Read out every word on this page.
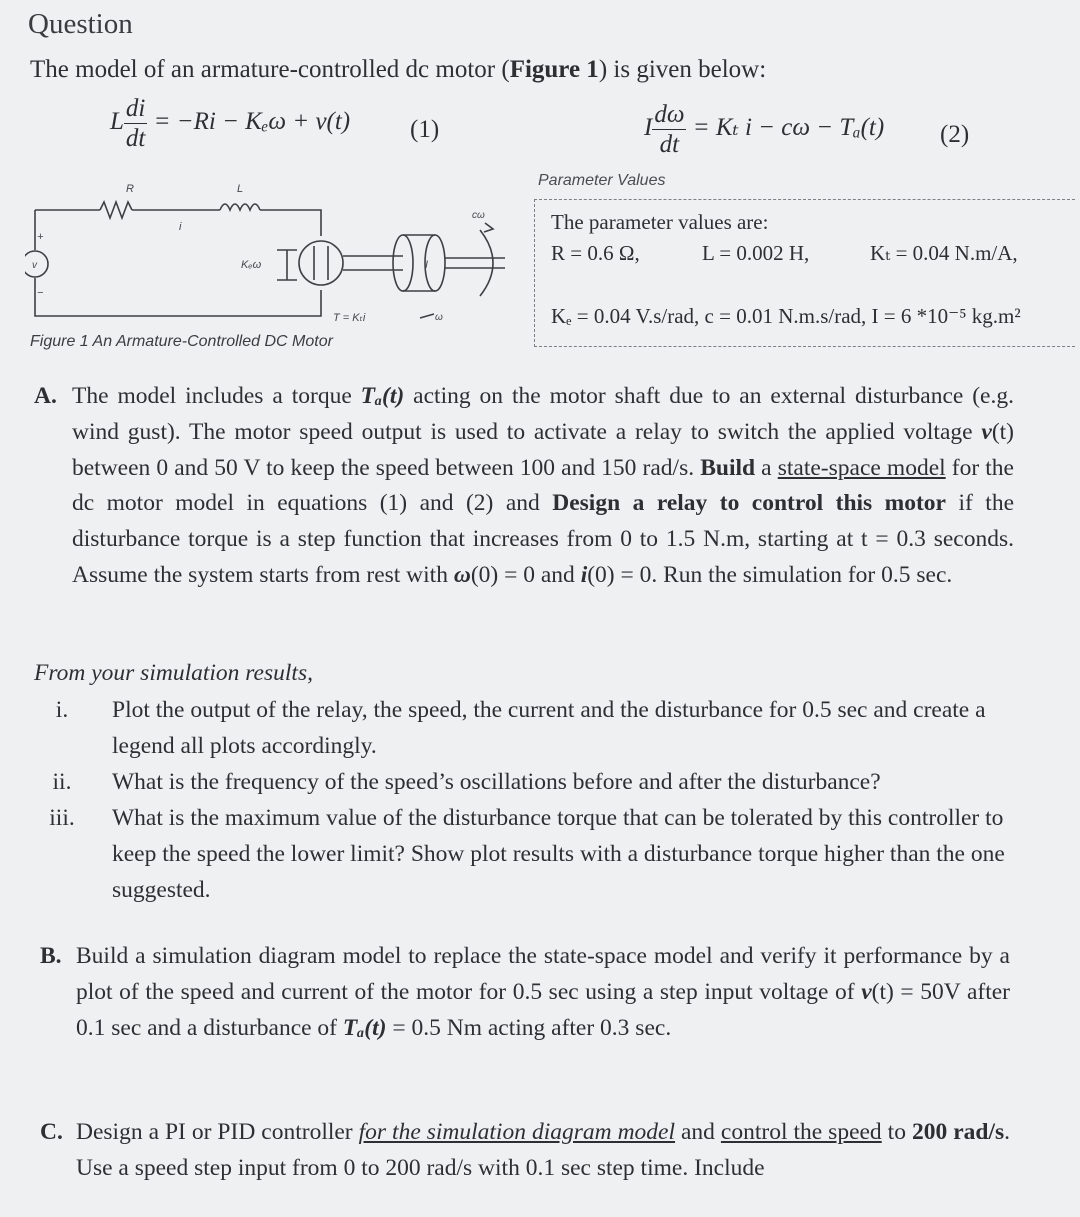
Question
The model of an armature-controlled dc motor (Figure 1) is given below:
L $\frac{di}{dt} = -Ri - K_e\omega + v(t)$ (1)	I $\frac{d\omega}{dt} = K_t$ i − cω − Tₐ(t) (2)
R	L
i
v
+
−
Kₑω	I
cω
T = Kₜi	ω
Figure 1 An Armature-Controlled DC Motor
Parameter Values
The parameter values are:
R = 0.6 Ω,	L = 0.002 H,	Kₜ = 0.04 N.m/A,
Kₑ = 0.04 V.s/rad, c = 0.01 N.m.s/rad, I = 6 *10⁻⁵ kg.m²
A. The model includes a torque Tₐ(t) acting on the motor shaft due to an external disturbance (e.g. wind gust). The motor speed output is used to activate a relay to switch the applied voltage v(t) between 0 and 50 V to keep the speed between 100 and 150 rad/s. Build a state-space model for the dc motor model in equations (1) and (2) and Design a relay to control this motor if the disturbance torque is a step function that increases from 0 to 1.5 N.m, starting at t = 0.3 seconds. Assume the system starts from rest with ω(0) = 0 and i(0) = 0. Run the simulation for 0.5 sec.

From your simulation results,
i.	Plot the output of the relay, the speed, the current and the disturbance for 0.5 sec and create a legend all plots accordingly.

ii.	What is the frequency of the speed’s oscillations before and after the disturbance?

iii.	What is the maximum value of the disturbance torque that can be tolerated by this controller to keep the speed the lower limit? Show plot results with a disturbance torque higher than the one suggested.

B. Build a simulation diagram model to replace the state-space model and verify it performance by a plot of the speed and current of the motor for 0.5 sec using a step input voltage of v(t) = 50V after 0.1 sec and a disturbance of Tₐ(t) = 0.5 Nm acting after 0.3 sec.

C. Design a PI or PID controller for the simulation diagram model and control the speed to 200 rad/s. Use a speed step input from 0 to 200 rad/s with 0.1 sec step time. Include
